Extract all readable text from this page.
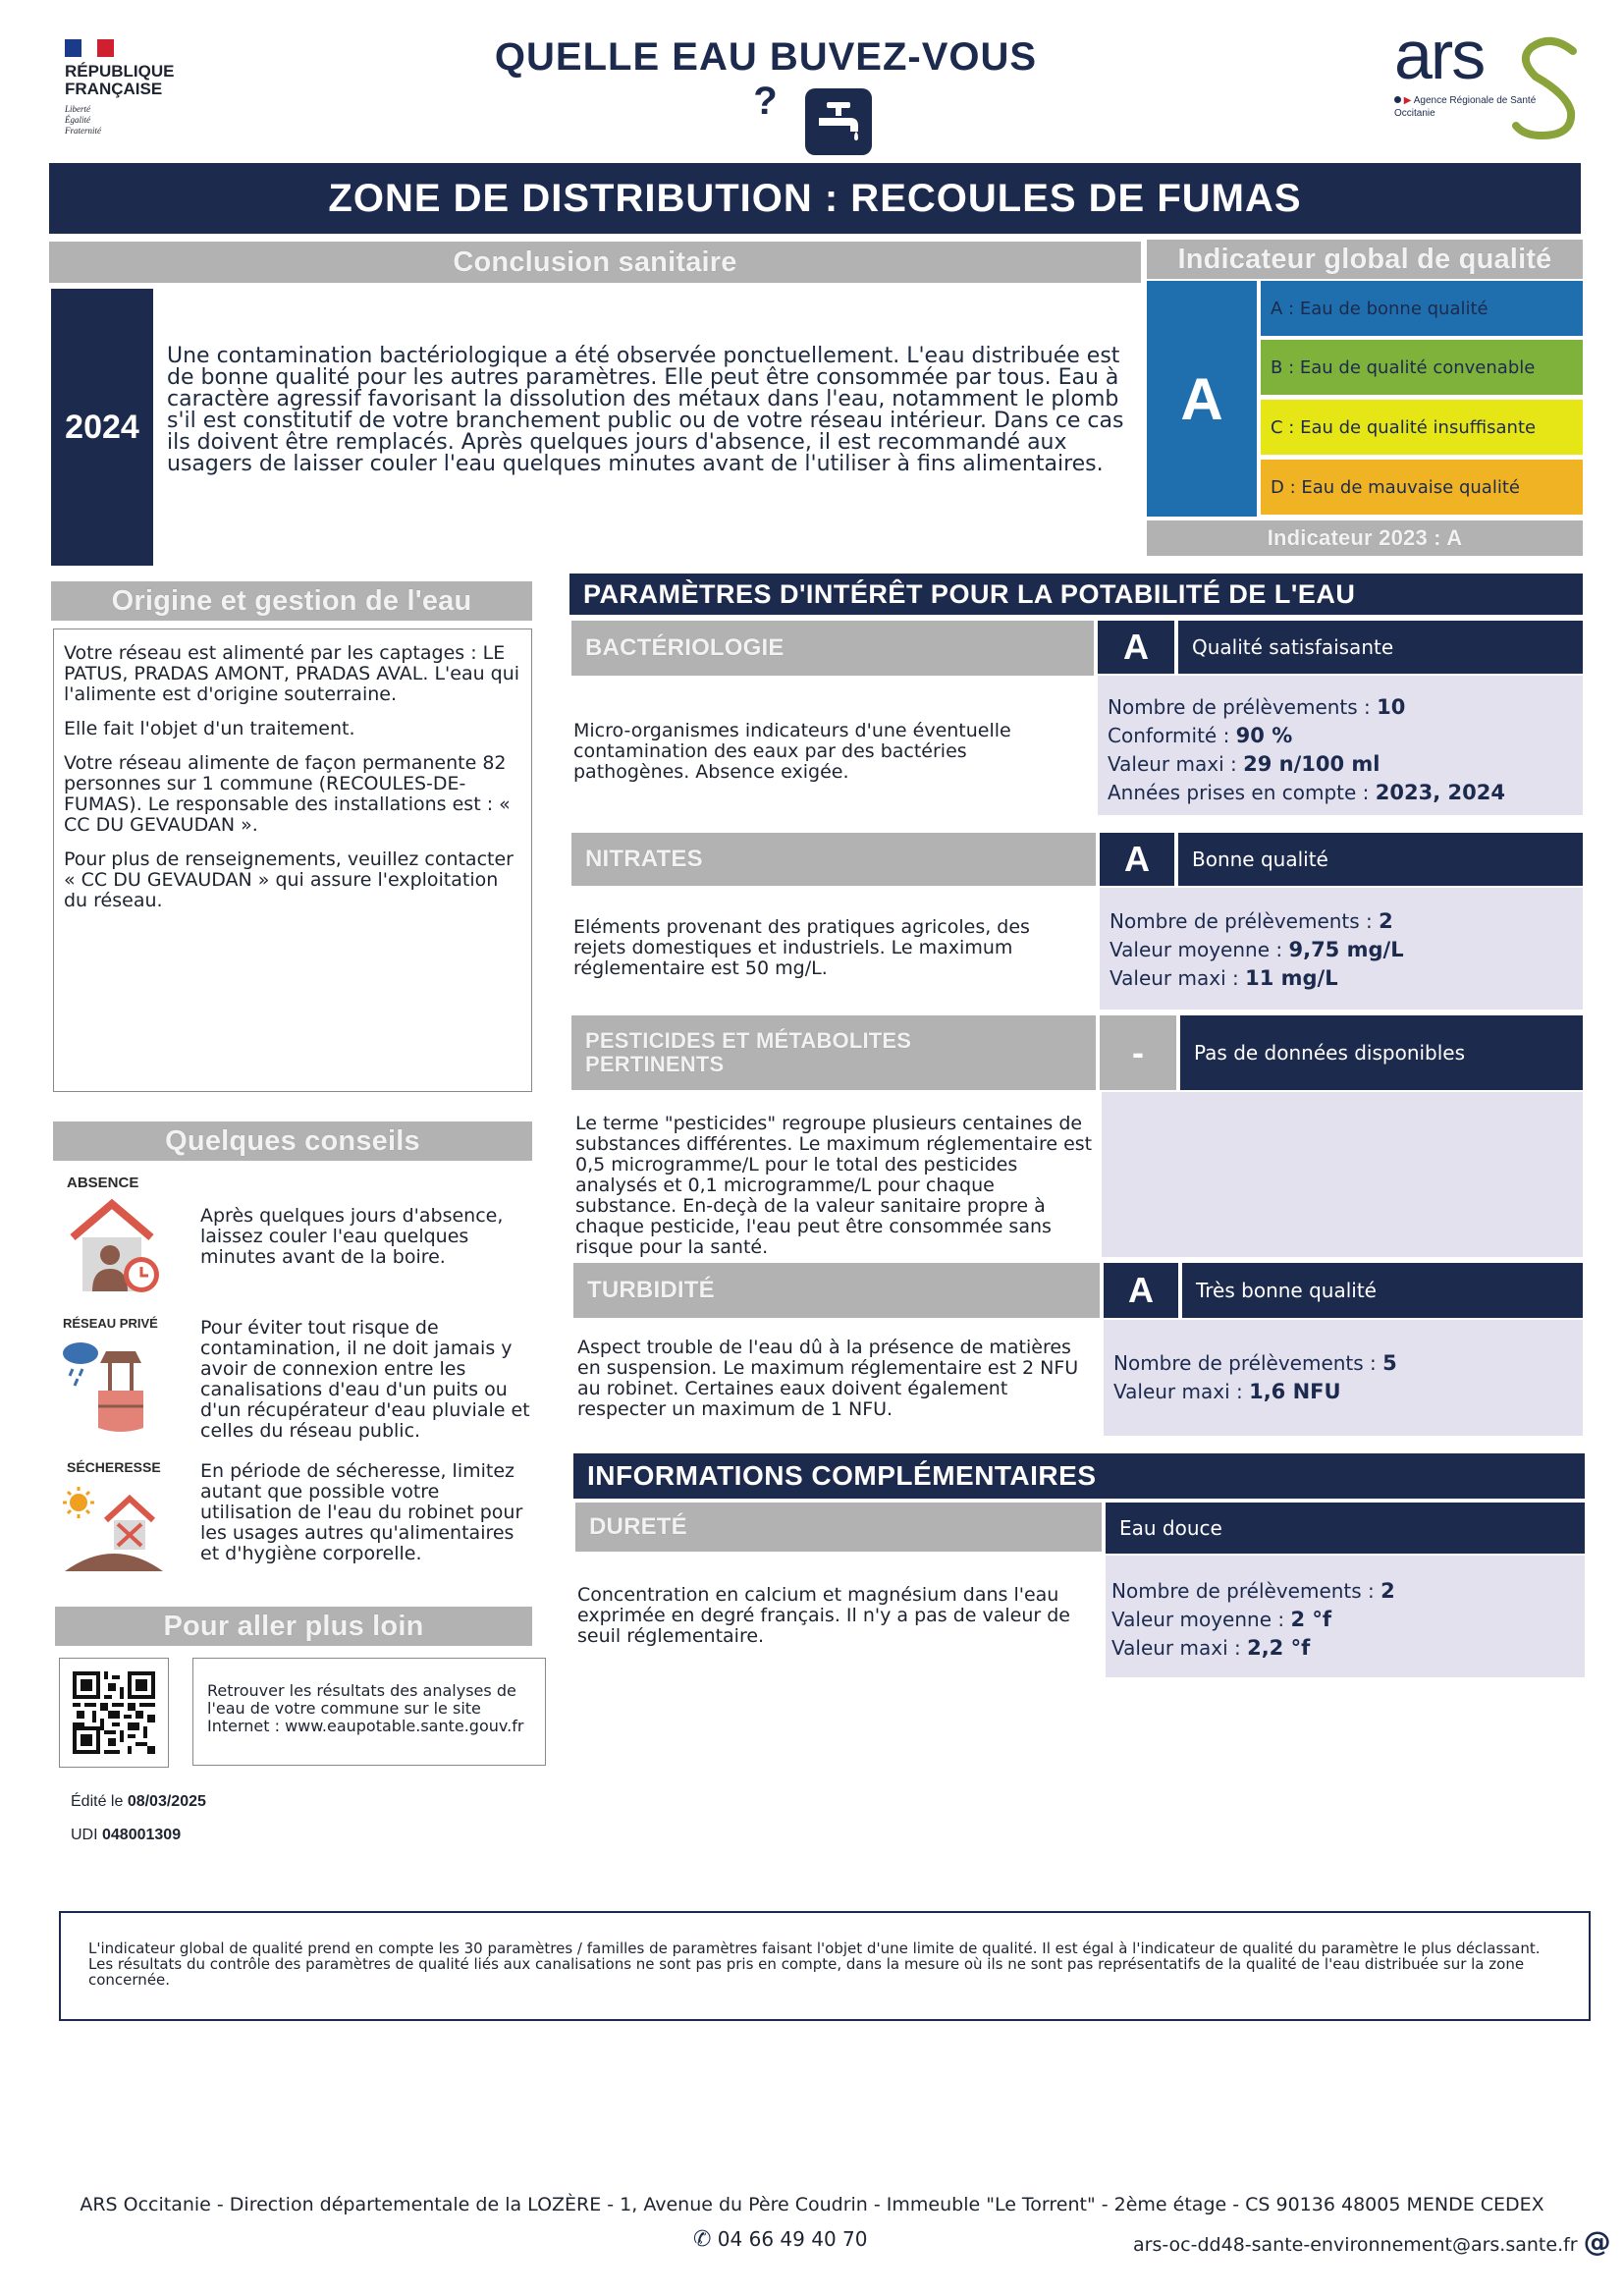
RÉPUBLIQUE
FRANÇAISE
Liberté
Égalité
Fraternité
QUELLE EAU BUVEZ-VOUS ?
ars
▶ Agence Régionale de Santé
Occitanie
ZONE DE DISTRIBUTION : RECOULES DE FUMAS
Conclusion sanitaire
2024
Une contamination bactériologique a été observée ponctuellement. L'eau distribuée est de bonne qualité pour les autres paramètres. Elle peut être consommée par tous. Eau à caractère agressif favorisant la dissolution des métaux dans l'eau, notamment le plomb s'il est constitutif de votre branchement public ou de votre réseau intérieur. Dans ce cas ils doivent être remplacés. Après quelques jours d'absence, il est recommandé aux usagers de laisser couler l'eau quelques minutes avant de l'utiliser à fins alimentaires.
Indicateur global de qualité
A
A : Eau de bonne qualité
B : Eau de qualité convenable
C : Eau de qualité insuffisante
D : Eau de mauvaise qualité
Indicateur 2023 : A
Origine et gestion de l'eau
Votre réseau est alimenté par les captages : LE PATUS, PRADAS AMONT, PRADAS AVAL. L'eau qui l'alimente est d'origine souterraine.
Elle fait l'objet d'un traitement.
Votre réseau alimente de façon permanente 82 personnes sur 1 commune (RECOULES-DE-FUMAS). Le responsable des installations est : « CC DU GEVAUDAN ».
Pour plus de renseignements, veuillez contacter « CC DU GEVAUDAN » qui assure l'exploitation du réseau.
Quelques conseils
ABSENCE
Après quelques jours d'absence, laissez couler l'eau quelques minutes avant de la boire.
RÉSEAU PRIVÉ Pour éviter tout risque de contamination, il ne doit jamais y avoir de connexion entre les canalisations d'eau d'un puits ou d'un récupérateur d'eau pluviale et celles du réseau public.
SÉCHERESSE En période de sécheresse, limitez autant que possible votre utilisation de l'eau du robinet pour les usages autres qu'alimentaires et d'hygiène corporelle.
Pour aller plus loin
Retrouver les résultats des analyses de l'eau de votre commune sur le site Internet : www.eaupotable.sante.gouv.fr
Édité le 08/03/2025
UDI 048001309
PARAMÈTRES D'INTÉRÊT POUR LA POTABILITÉ DE L'EAU
BACTÉRIOLOGIE	A Qualité satisfaisante
Micro-organismes indicateurs d'une éventuelle contamination des eaux par des bactéries pathogènes. Absence exigée.
Nombre de prélèvements : 10
Conformité : 90 %
Valeur maxi : 29 n/100 ml
Années prises en compte : 2023, 2024
NITRATES	A Bonne qualité
Eléments provenant des pratiques agricoles, des rejets domestiques et industriels. Le maximum réglementaire est 50 mg/L.
Nombre de prélèvements : 2
Valeur moyenne : 9,75 mg/L
Valeur maxi : 11 mg/L
PESTICIDES ET MÉTABOLITES
PERTINENTS	-	Pas de données disponibles
Le terme "pesticides" regroupe plusieurs centaines de substances différentes. Le maximum réglementaire est 0,5 microgramme/L pour le total des pesticides analysés et 0,1 microgramme/L pour chaque substance. En-deçà de la valeur sanitaire propre à chaque pesticide, l'eau peut être consommée sans risque pour la santé.
TURBIDITÉ	A Très bonne qualité
Aspect trouble de l'eau dû à la présence de matières en suspension. Le maximum réglementaire est 2 NFU au robinet. Certaines eaux doivent également respecter un maximum de 1 NFU.
Nombre de prélèvements : 5
Valeur maxi : 1,6 NFU
INFORMATIONS COMPLÉMENTAIRES
DURETÉ	Eau douce
Concentration en calcium et magnésium dans l'eau exprimée en degré français. Il n'y a pas de valeur de seuil réglementaire.
Nombre de prélèvements : 2
Valeur moyenne : 2 °f
Valeur maxi : 2,2 °f
L'indicateur global de qualité prend en compte les 30 paramètres / familles de paramètres faisant l'objet d'une limite de qualité. Il est égal à l'indicateur de qualité du paramètre le plus déclassant. Les résultats du contrôle des paramètres de qualité liés aux canalisations ne sont pas pris en compte, dans la mesure où ils ne sont pas représentatifs de la qualité de l'eau distribuée sur la zone concernée.
ARS Occitanie - Direction départementale de la LOZÈRE - 1, Avenue du Père Coudrin - Immeuble "Le Torrent" - 2ème étage - CS 90136 48005 MENDE CEDEX
✆ 04 66 49 40 70	ars-oc-dd48-sante-environnement@ars.sante.fr @
